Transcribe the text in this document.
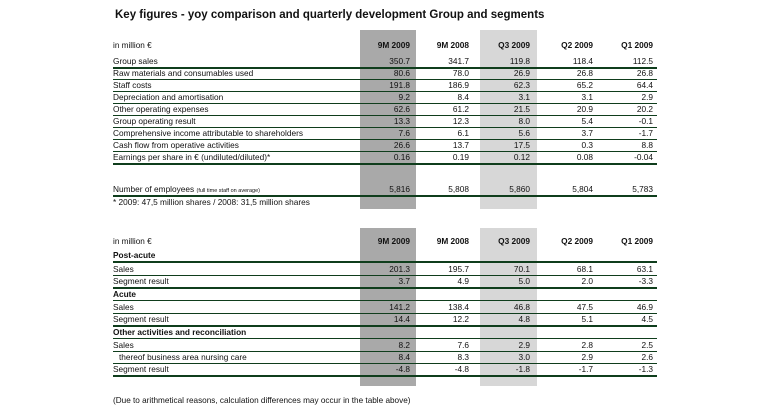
Key figures - yoy comparison and quarterly development Group and segments
in million €	9M 2009	9M 2008	Q3 2009	Q2 2009	Q1 2009
Group sales	350.7	341.7	119.8	118.4	112.5
Raw materials and consumables used	80.6	78.0	26.9	26.8	26.8
Staff costs	191.8	186.9	62.3	65.2	64.4
Depreciation and amortisation	9.2	8.4	3.1	3.1	2.9
Other operating expenses	62.6	61.2	21.5	20.9	20.2
Group operating result	13.3	12.3	8.0	5.4	-0.1
Comprehensive income attributable to shareholders	7.6	6.1	5.6	3.7	-1.7
Cash flow from operative activities	26.6	13.7	17.5	0.3	8.8
Earnings per share in € (undiluted/diluted)*	0.16	0.19	0.12	0.08	-0.04
Number of employees (full time staff on average)	5,816	5,808	5,860	5,804	5,783
* 2009: 47,5 million shares / 2008: 31,5 million shares
in million €	9M 2009	9M 2008	Q3 2009	Q2 2009	Q1 2009
Post-acute
Sales	201.3	195.7	70.1	68.1	63.1
Segment result	3.7	4.9	5.0	2.0	-3.3
Acute
Sales	141.2	138.4	46.8	47.5	46.9
Segment result	14.4	12.2	4.8	5.1	4.5
Other activities and reconciliation
Sales	8.2	7.6	2.9	2.8	2.5
thereof business area nursing care	8.4	8.3	3.0	2.9	2.6
Segment result	-4.8	-4.8	-1.8	-1.7	-1.3
(Due to arithmetical reasons, calculation differences may occur in the table above)
